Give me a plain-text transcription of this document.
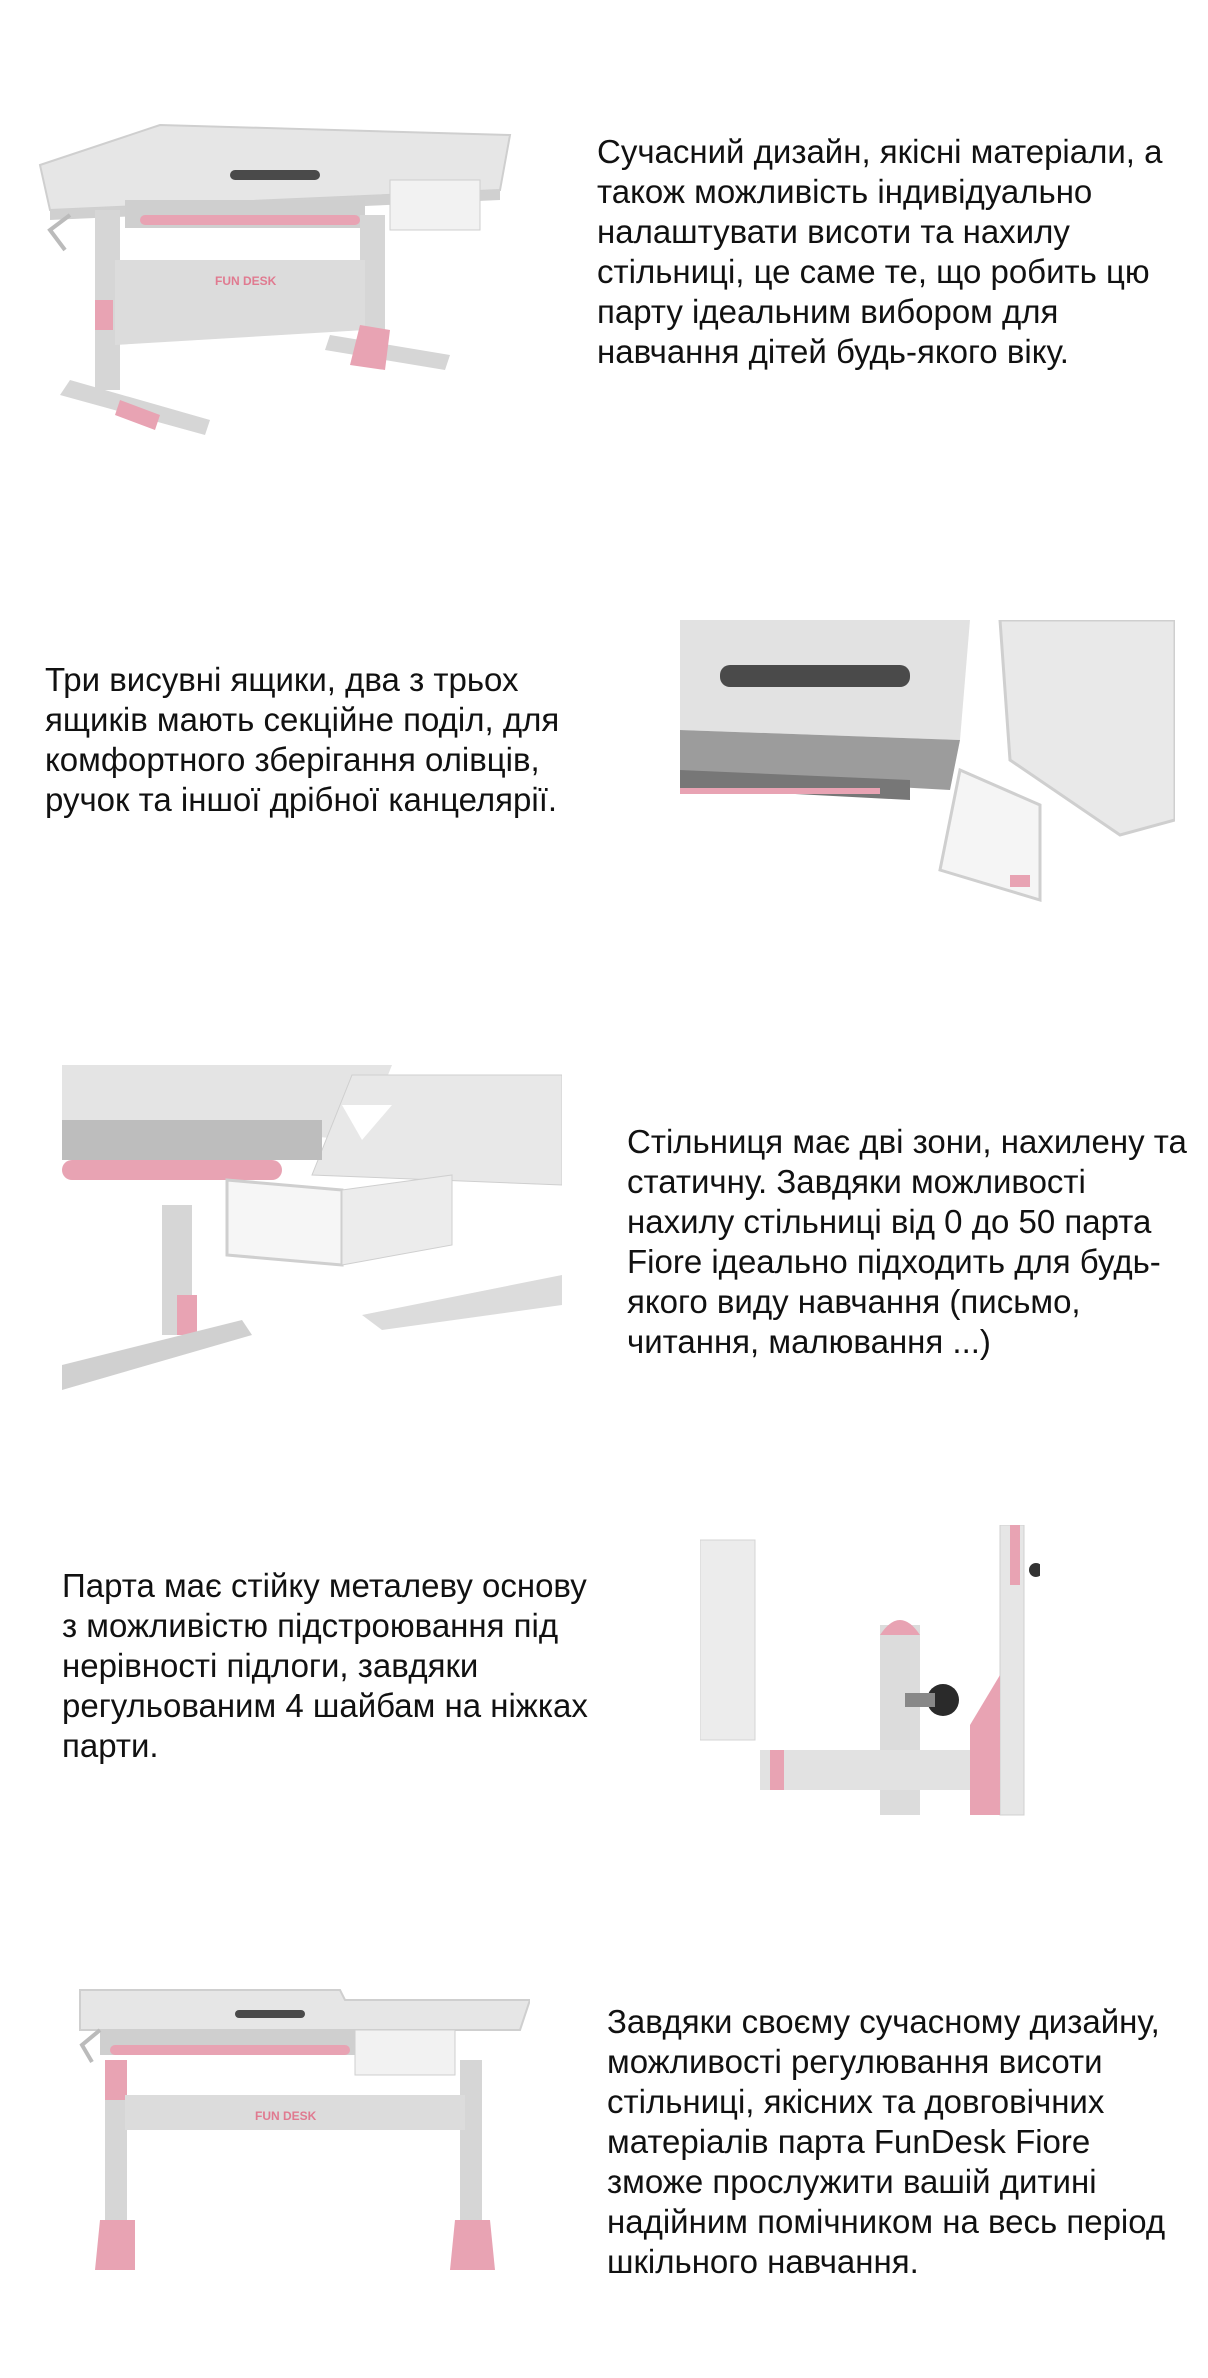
FUN DESK

Сучасний дизайн, якісні матеріали, а також можливість індивідуально налаштувати висоти та нахилу стільниці, це саме те, що робить цю парту ідеальним вибором для навчання дітей будь-якого віку.

Три висувні ящики, два з трьох ящиків мають секційне поділ, для комфортного зберігання олівців, ручок та іншої дрібної канцелярії.

Стільниця має дві зони, нахилену та статичну. Завдяки можливості нахилу стільниці від 0 до 50 парта Fiore ідеально підходить для будь-якого виду навчання (письмо, читання, малювання ...)

Парта має стійку металеву основу з можливістю підстроювання під нерівності підлоги, завдяки регульованим 4 шайбам на ніжках парти.

FUN DESK

Завдяки своєму сучасному дизайну, можливості регулювання висоти стільниці, якісних та довговічних матеріалів парта FunDesk Fiore зможе прослужити вашій дитині надійним помічником на весь період шкільного навчання.
